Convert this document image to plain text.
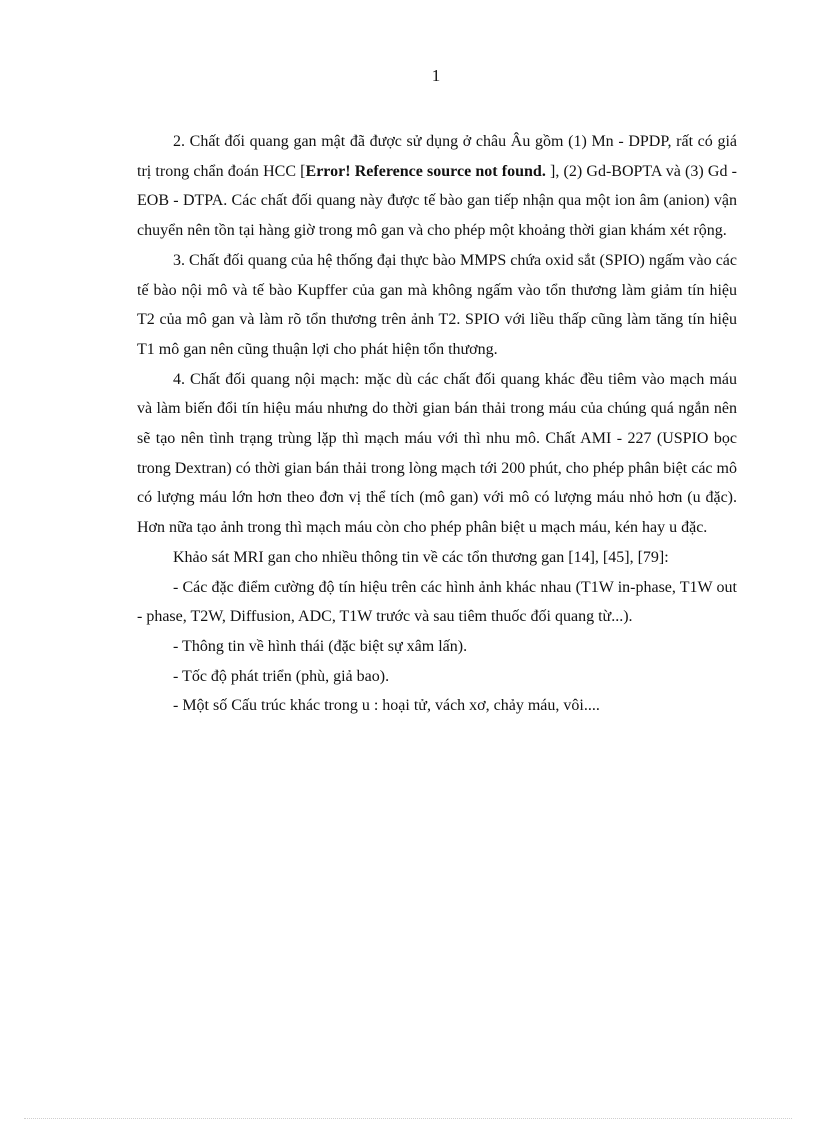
1

2. Chất đối quang gan mật đã được sử dụng ở châu Âu gồm (1) Mn - DPDP, rất có giá trị trong chẩn đoán HCC [Error! Reference source not found. ], (2) Gd-BOPTA và (3) Gd - EOB - DTPA. Các chất đối quang này được tế bào gan tiếp nhận qua một ion âm (anion) vận chuyển nên tồn tại hàng giờ trong mô gan và cho phép một khoảng thời gian khám xét rộng.

3. Chất đối quang của hệ thống đại thực bào MMPS chứa oxid sắt (SPIO) ngấm vào các tế bào nội mô và tế bào Kupffer của gan mà không ngấm vào tổn thương làm giảm tín hiệu T2 của mô gan và làm rõ tổn thương trên ảnh T2. SPIO với liều thấp cũng làm tăng tín hiệu T1 mô gan nên cũng thuận lợi cho phát hiện tổn thương.

4. Chất đối quang nội mạch: mặc dù các chất đối quang khác đều tiêm vào mạch máu và làm biến đổi tín hiệu máu nhưng do thời gian bán thải trong máu của chúng quá ngắn nên sẽ tạo nên tình trạng trùng lặp thì mạch máu với thì nhu mô. Chất AMI - 227 (USPIO bọc trong Dextran) có thời gian bán thải trong lòng mạch tới 200 phút, cho phép phân biệt các mô có lượng máu lớn hơn theo đơn vị thể tích (mô gan) với mô có lượng máu nhỏ hơn (u đặc). Hơn nữa tạo ảnh trong thì mạch máu còn cho phép phân biệt u mạch máu, kén hay u đặc.

Khảo sát MRI gan cho nhiều thông tin về các tổn thương gan [14], [45], [79]:

- Các đặc điểm cường độ tín hiệu trên các hình ảnh khác nhau (T1W in-phase, T1W out - phase, T2W, Diffusion, ADC, T1W trước và sau tiêm thuốc đối quang từ...).

- Thông tin về hình thái (đặc biệt sự xâm lấn).

- Tốc độ phát triển (phù, giả bao).

- Một số Cấu trúc khác trong u : hoại tử, vách xơ, chảy máu, vôi....
